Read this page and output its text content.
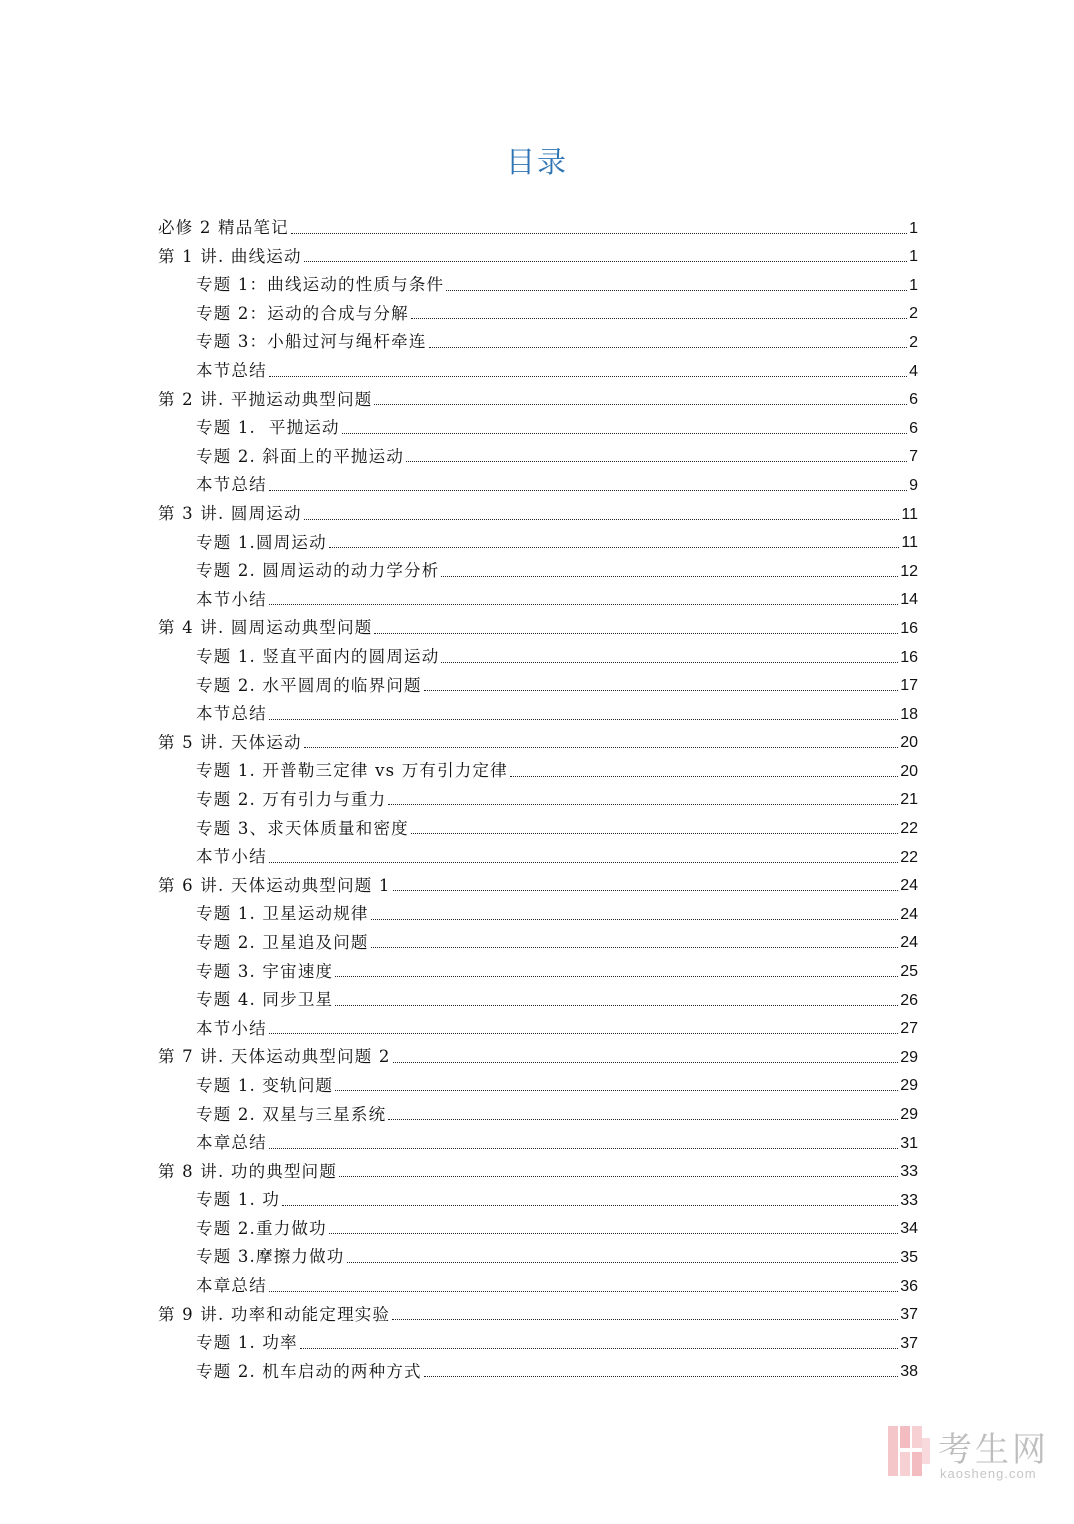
目录
必修 2 精品笔记	1
第 1 讲. 曲线运动	1
专题 1：曲线运动的性质与条件	1
专题 2：运动的合成与分解	2
专题 3：小船过河与绳杆牵连	2
本节总结	4
第 2 讲. 平抛运动典型问题	6
专题 1.  平抛运动	6
专题 2. 斜面上的平抛运动	7
本节总结	9
第 3 讲. 圆周运动	11
专题 1.圆周运动	11
专题 2. 圆周运动的动力学分析	12
本节小结	14
第 4 讲. 圆周运动典型问题	16
专题 1. 竖直平面内的圆周运动	16
专题 2. 水平圆周的临界问题	17
本节总结	18
第 5 讲. 天体运动	20
专题 1. 开普勒三定律 vs 万有引力定律	20
专题 2. 万有引力与重力	21
专题 3、求天体质量和密度	22
本节小结	22
第 6 讲. 天体运动典型问题 1	24
专题 1. 卫星运动规律	24
专题 2. 卫星追及问题	24
专题 3. 宇宙速度	25
专题 4. 同步卫星	26
本节小结	27
第 7 讲. 天体运动典型问题 2	29
专题 1. 变轨问题	29
专题 2. 双星与三星系统	29
本章总结	31
第 8 讲. 功的典型问题	33
专题 1. 功	33
专题 2.重力做功	34
专题 3.摩擦力做功	35
本章总结	36
第 9 讲. 功率和动能定理实验	37
专题 1. 功率	37
专题 2. 机车启动的两种方式	38
考生网
kaosheng.com
